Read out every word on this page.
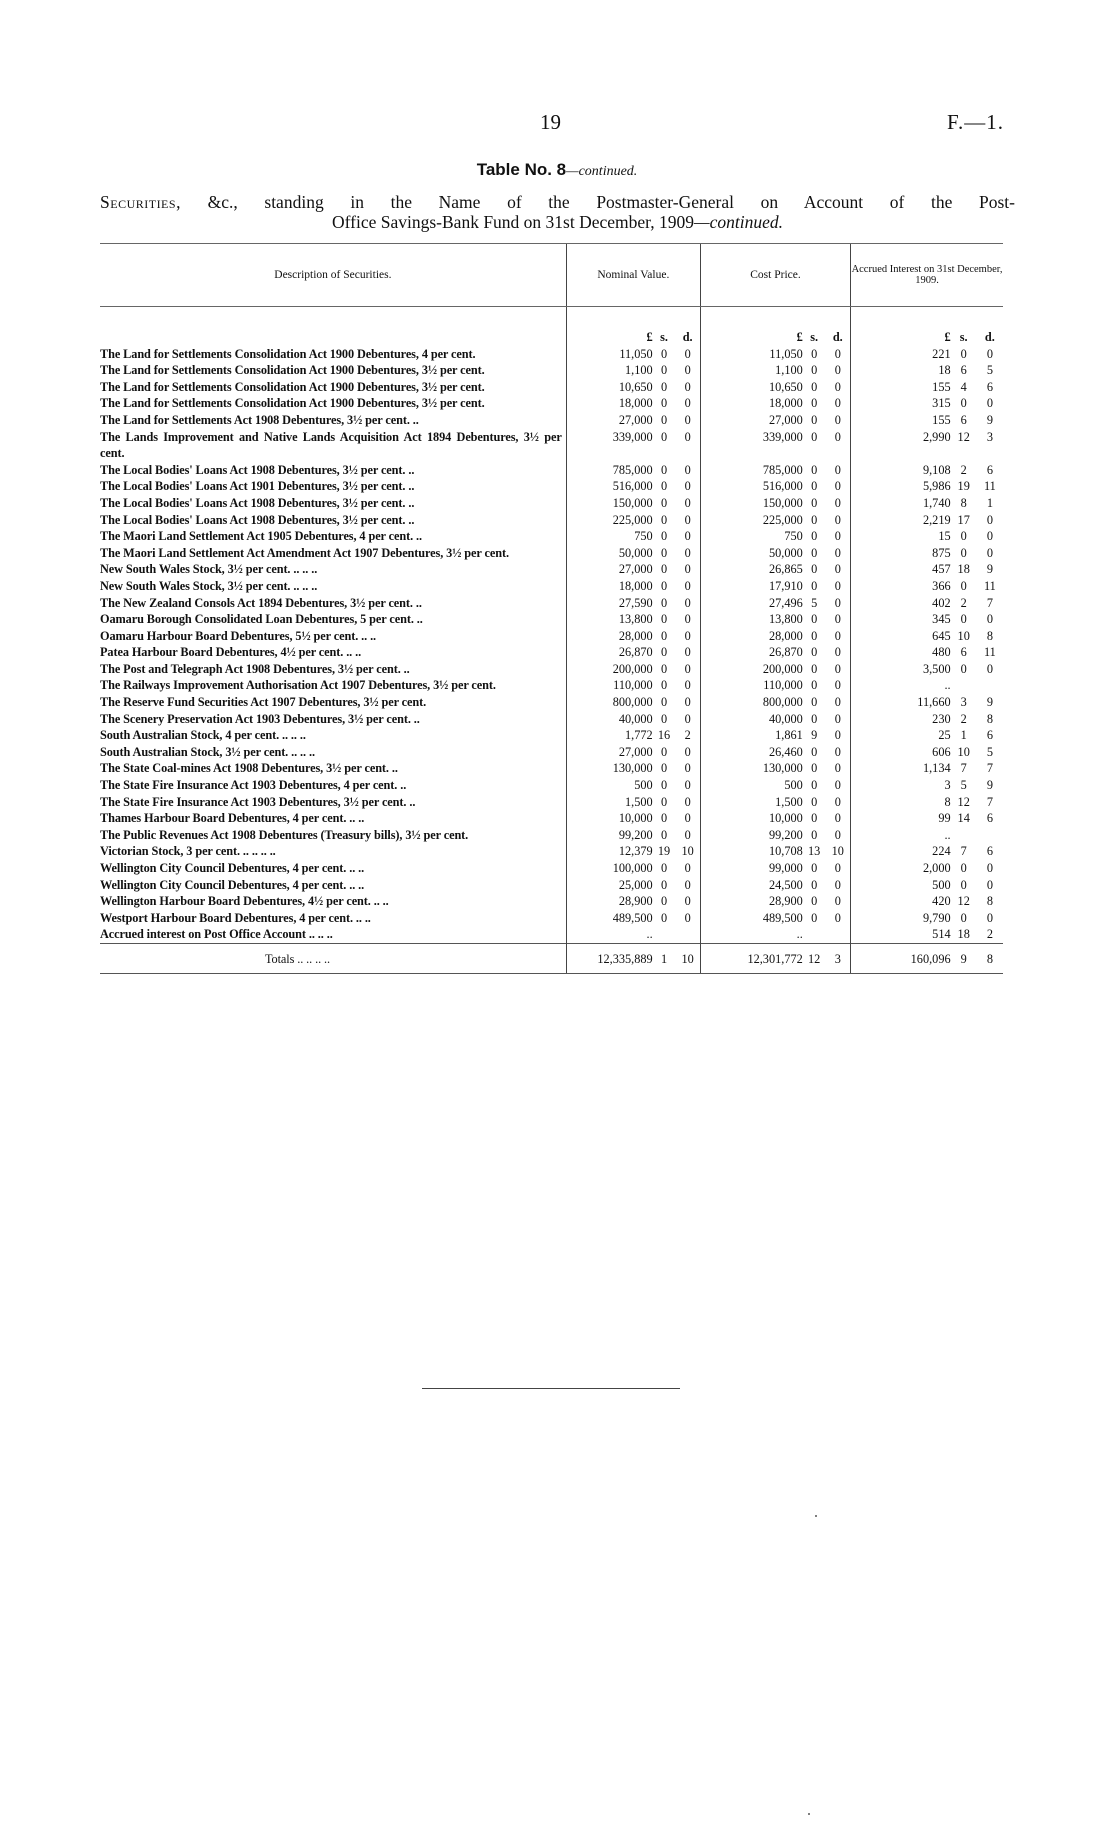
19	F.—1.
Table No. 8—continued.
Securities, &c., standing in the Name of the Postmaster-General on Account of the Post-
Office Savings-Bank Fund on 31st December, 1909—continued.
Description of Securities.	Nominal Value.			Cost Price.			Accrued Interest on 31st December, 1909.		
	£	s.	d.	£	s.	d.	£	s.	d.
The Land for Settlements Consolidation Act 1900 Debentures, 4 per cent.	11,050	0	0	11,050	0	0	221	0	0
The Land for Settlements Consolidation Act 1900 Debentures, 3½ per cent.	1,100	0	0	1,100	0	0	18	6	5
The Land for Settlements Consolidation Act 1900 Debentures, 3½ per cent.	10,650	0	0	10,650	0	0	155	4	6
The Land for Settlements Consolidation Act 1900 Debentures, 3½ per cent.	18,000	0	0	18,000	0	0	315	0	0
The Land for Settlements Act 1908 Debentures, 3½ per cent. ..	27,000	0	0	27,000	0	0	155	6	9
The Lands Improvement and Native Lands Acquisition Act 1894 Debentures, 3½ per cent.	339,000	0	0	339,000	0	0	2,990	12	3
The Local Bodies' Loans Act 1908 Debentures, 3½ per cent. ..	785,000	0	0	785,000	0	0	9,108	2	6
The Local Bodies' Loans Act 1901 Debentures, 3½ per cent. ..	516,000	0	0	516,000	0	0	5,986	19	11
The Local Bodies' Loans Act 1908 Debentures, 3½ per cent. ..	150,000	0	0	150,000	0	0	1,740	8	1
The Local Bodies' Loans Act 1908 Debentures, 3½ per cent. ..	225,000	0	0	225,000	0	0	2,219	17	0
The Maori Land Settlement Act 1905 Debentures, 4 per cent. ..	750	0	0	750	0	0	15	0	0
The Maori Land Settlement Act Amendment Act 1907 Debentures, 3½ per cent.	50,000	0	0	50,000	0	0	875	0	0
New South Wales Stock, 3½ per cent. .. .. ..	27,000	0	0	26,865	0	0	457	18	9
New South Wales Stock, 3½ per cent. .. .. ..	18,000	0	0	17,910	0	0	366	0	11
The New Zealand Consols Act 1894 Debentures, 3½ per cent. ..	27,590	0	0	27,496	5	0	402	2	7
Oamaru Borough Consolidated Loan Debentures, 5 per cent. ..	13,800	0	0	13,800	0	0	345	0	0
Oamaru Harbour Board Debentures, 5½ per cent. .. ..	28,000	0	0	28,000	0	0	645	10	8
Patea Harbour Board Debentures, 4½ per cent. .. ..	26,870	0	0	26,870	0	0	480	6	11
The Post and Telegraph Act 1908 Debentures, 3½ per cent. ..	200,000	0	0	200,000	0	0	3,500	0	0
The Railways Improvement Authorisation Act 1907 Debentures, 3½ per cent.	110,000	0	0	110,000	0	0	..		
The Reserve Fund Securities Act 1907 Debentures, 3½ per cent.	800,000	0	0	800,000	0	0	11,660	3	9
The Scenery Preservation Act 1903 Debentures, 3½ per cent. ..	40,000	0	0	40,000	0	0	230	2	8
South Australian Stock, 4 per cent. .. .. ..	1,772	16	2	1,861	9	0	25	1	6
South Australian Stock, 3½ per cent. .. .. ..	27,000	0	0	26,460	0	0	606	10	5
The State Coal-mines Act 1908 Debentures, 3½ per cent. ..	130,000	0	0	130,000	0	0	1,134	7	7
The State Fire Insurance Act 1903 Debentures, 4 per cent. ..	500	0	0	500	0	0	3	5	9
The State Fire Insurance Act 1903 Debentures, 3½ per cent. ..	1,500	0	0	1,500	0	0	8	12	7
Thames Harbour Board Debentures, 4 per cent. .. ..	10,000	0	0	10,000	0	0	99	14	6
The Public Revenues Act 1908 Debentures (Treasury bills), 3½ per cent.	99,200	0	0	99,200	0	0	..		
Victorian Stock, 3 per cent. .. .. .. ..	12,379	19	10	10,708	13	10	224	7	6
Wellington City Council Debentures, 4 per cent. .. ..	100,000	0	0	99,000	0	0	2,000	0	0
Wellington City Council Debentures, 4 per cent. .. ..	25,000	0	0	24,500	0	0	500	0	0
Wellington Harbour Board Debentures, 4½ per cent. .. ..	28,900	0	0	28,900	0	0	420	12	8
Westport Harbour Board Debentures, 4 per cent. .. ..	489,500	0	0	489,500	0	0	9,790	0	0
Accrued interest on Post Office Account .. .. ..	..			..			514	18	2
Totals .. .. .. ..	12,335,889	1	10	12,301,772	12	3	160,096	9	8
